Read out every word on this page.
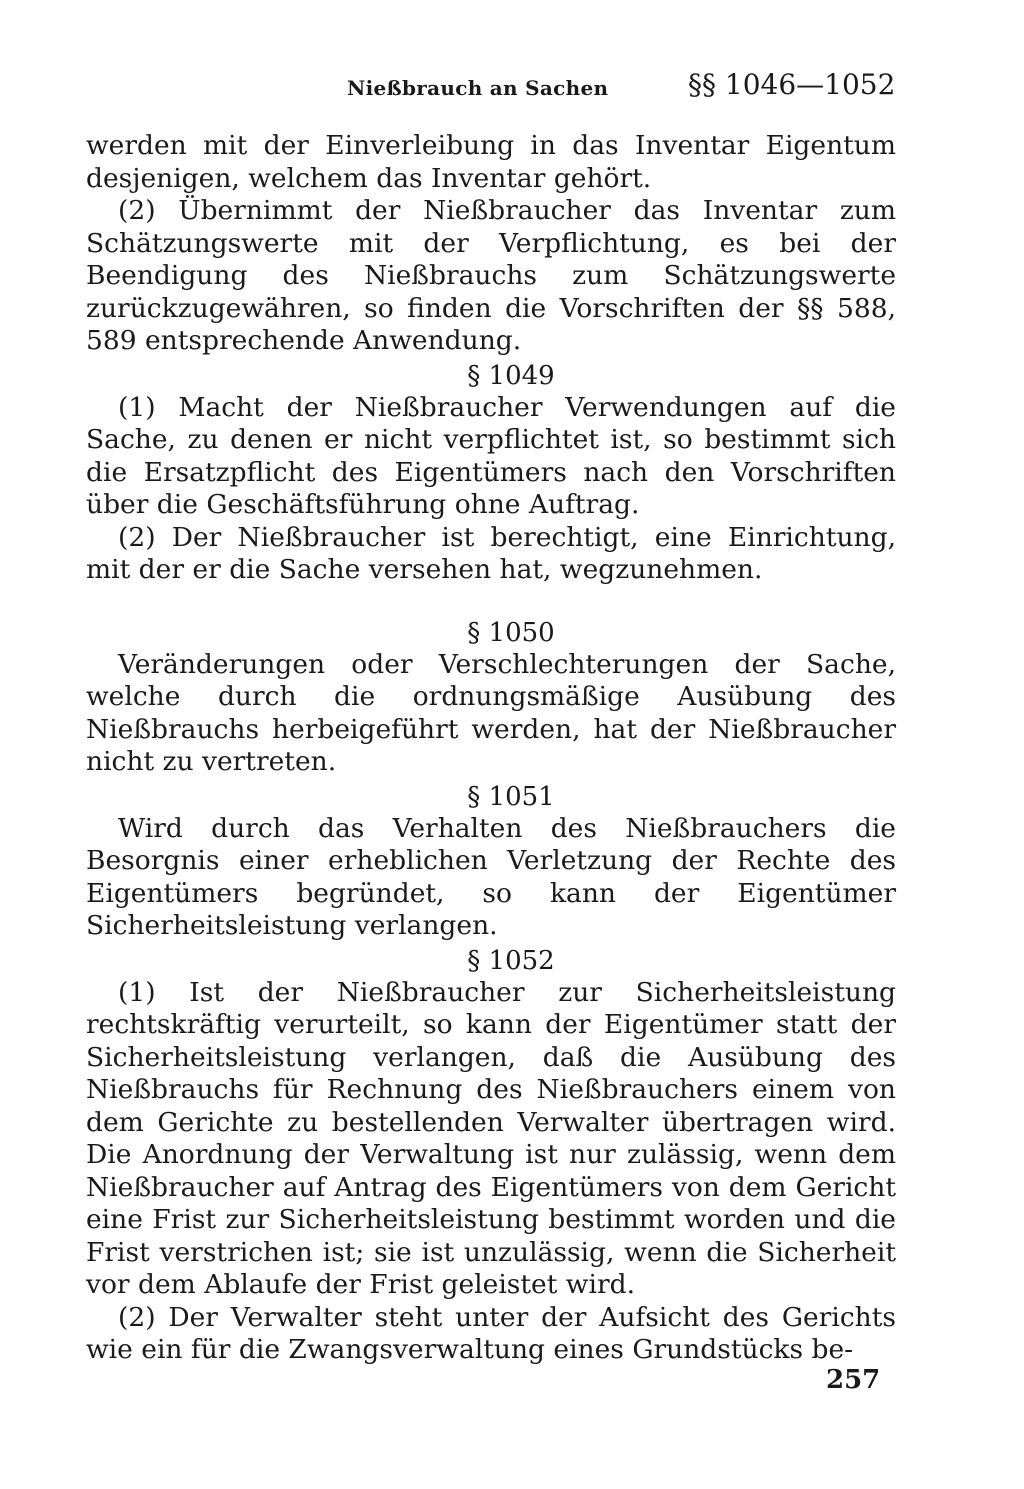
Nießbrauch an Sachen	§§ 1046—1052

werden mit der Einverleibung in das Inventar Eigentum desjenigen, welchem das Inventar gehört.

(2) Übernimmt der Nießbraucher das Inventar zum Schätzungswerte mit der Verpflichtung, es bei der Beendigung des Nießbrauchs zum Schätzungswerte zurückzugewähren, so finden die Vorschriften der §§ 588, 589 entsprechende Anwendung.

§ 1049

(1) Macht der Nießbraucher Verwendungen auf die Sache, zu denen er nicht verpflichtet ist, so bestimmt sich die Ersatzpflicht des Eigentümers nach den Vorschriften über die Geschäftsführung ohne Auftrag.

(2) Der Nießbraucher ist berechtigt, eine Einrichtung, mit der er die Sache versehen hat, wegzunehmen.

§ 1050

Veränderungen oder Verschlechterungen der Sache, welche durch die ordnungsmäßige Ausübung des Nießbrauchs herbeigeführt werden, hat der Nießbraucher nicht zu vertreten.

§ 1051

Wird durch das Verhalten des Nießbrauchers die Besorgnis einer erheblichen Verletzung der Rechte des Eigentümers begründet, so kann der Eigentümer Sicherheitsleistung verlangen.

§ 1052

(1) Ist der Nießbraucher zur Sicherheitsleistung rechtskräftig verurteilt, so kann der Eigentümer statt der Sicherheitsleistung verlangen, daß die Ausübung des Nießbrauchs für Rechnung des Nießbrauchers einem von dem Gerichte zu bestellenden Verwalter übertragen wird. Die Anordnung der Verwaltung ist nur zulässig, wenn dem Nießbraucher auf Antrag des Eigentümers von dem Gericht eine Frist zur Sicherheitsleistung bestimmt worden und die Frist verstrichen ist; sie ist unzulässig, wenn die Sicherheit vor dem Ablaufe der Frist geleistet wird.

(2) Der Verwalter steht unter der Aufsicht des Gerichts wie ein für die Zwangsverwaltung eines Grundstücks be-

257
